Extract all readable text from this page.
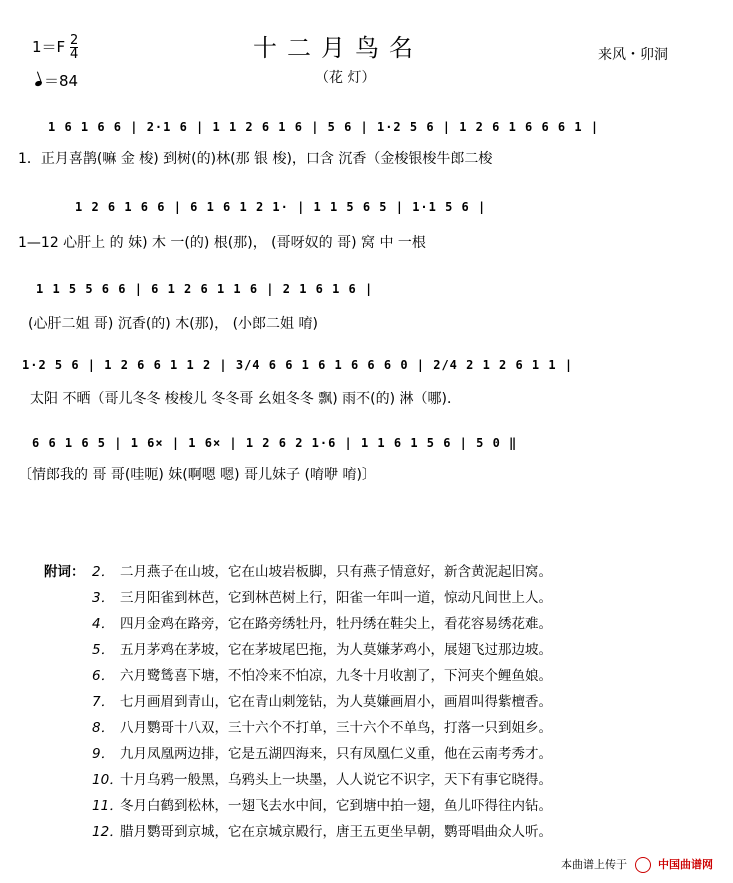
$1=F \frac{2}{4}$
＝84
十二月鸟名
（花 灯）
来风・卯洞
1 6 1 6 6 | 2·1 6 | 1 1 2 6 1 6 | 5 6 | 1·2 5 6 | 1 2 6 1 6 6 6 1 |
1．正月喜鹊(嘛 金 梭) 到树(的)林(那 银 梭)，口含 沉香（金梭银梭牛郎二梭
1 2 6 1 6 6 | 6 1 6 1 2 1· | 1 1 5 6 5 | 1·1 5 6 |
1—12 心肝上 的 妹) 木 一(的) 根(那)， (哥呀奴的 哥) 窝 中 一根
1 1 5 5 6 6 | 6 1 2 6 1 1 6 | 2 1 6 1 6 |
(心肝二姐 哥) 沉香(的) 木(那)， (小郎二姐 唷)
1·2 5 6 | 1 2 6 6 1 1 2 | 3/4 6 6 1 6 1 6 6 6 0 | 2/4 2 1 2 6 1 1 |
太阳 不晒（哥儿冬冬 梭梭儿 冬冬哥 幺姐冬冬 飘) 雨不(的) 淋（哪)．
6 6 1 6 5 | 1 6× | 1 6× | 1 2 6 2 1·6 | 1 1 6 1 5 6 | 5 0 ‖
〔情郎我的 哥 哥(哇呃) 妹(啊嗯 嗯) 哥儿妹子 (唷咿 唷)〕
附词： 2． 二月燕子在山坡，它在山坡岩板脚，只有燕子情意好，新含黄泥起旧窝。
3． 三月阳雀到林芭，它到林芭树上行，阳雀一年叫一道，惊动凡间世上人。
4． 四月金鸡在路旁，它在路旁绣牡丹，牡丹绣在鞋尖上，看花容易绣花难。
5． 五月茅鸡在茅坡，它在茅坡尾巴拖，为人莫嫌茅鸡小，展翅飞过那边坡。
6． 六月鹭鸶喜下塘，不怕冷来不怕凉，九冬十月收割了，下河夹个鲤鱼娘。
7． 七月画眉到青山，它在青山刺笼钻，为人莫嫌画眉小，画眉叫得紫檀香。
8． 八月鹦哥十八双，三十六个不打单，三十六个不单鸟，打落一只到姐乡。
9． 九月凤凰两边排，它是五湖四海来，只有凤凰仁义重，他在云南考秀才。
10．十月乌鸦一般黑，乌鸦头上一块墨，人人说它不识字，天下有事它晓得。
11．冬月白鹤到松林，一翅飞去水中间，它到塘中拍一翅，鱼儿吓得往内钻。
12．腊月鹦哥到京城，它在京城京殿行，唐王五更坐早朝，鹦哥唱曲众人听。
本曲谱上传于	中国曲谱网
